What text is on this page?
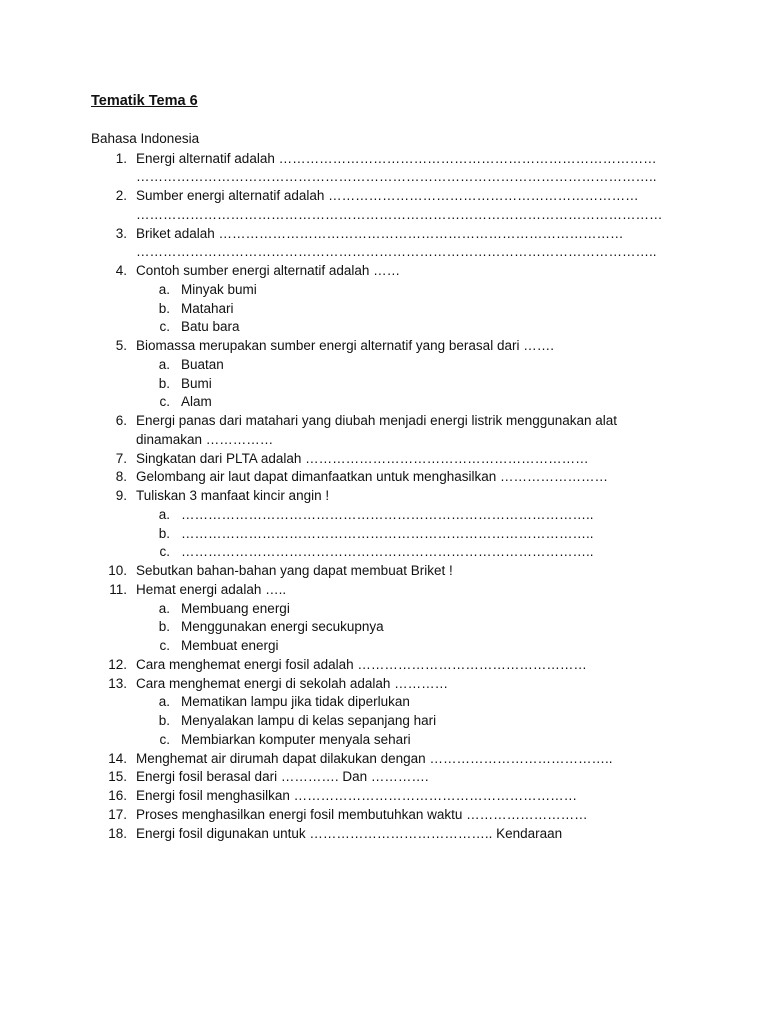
Tematik Tema 6
Bahasa Indonesia
1. Energi alternatif adalah …………………………………………………………………………
……………………………………………………………………………………………………..
2. Sumber energi alternatif adalah ……………………………………………………………
………………………………………………………………………………………………………
3. Briket adalah ………………………………………………………………………………
……………………………………………………………………………………………………..
4. Contoh sumber energi alternatif adalah ……
a. Minyak bumi
b. Matahari
c. Batu bara
5. Biomassa merupakan sumber energi alternatif yang berasal dari …….
a. Buatan
b. Bumi
c. Alam
6. Energi panas dari matahari yang diubah menjadi energi listrik menggunakan alat
dinamakan ……………
7. Singkatan dari PLTA adalah ………………………………………………………
8. Gelombang air laut dapat dimanfaatkan untuk menghasilkan ……………………
9. Tuliskan 3 manfaat kincir angin !
a. ………………………………………………………………………………..
b. ………………………………………………………………………………..
c. ………………………………………………………………………………..
10. Sebutkan bahan-bahan yang dapat membuat Briket !
11. Hemat energi adalah …..
a. Membuang energi
b. Menggunakan energi secukupnya
c. Membuat energi
12. Cara menghemat energi fosil adalah ……………………………………………
13. Cara menghemat energi di sekolah adalah …………
a. Mematikan lampu jika tidak diperlukan
b. Menyalakan lampu di kelas sepanjang hari
c. Membiarkan komputer menyala sehari
14. Menghemat air dirumah dapat dilakukan dengan …………………………………..
15. Energi fosil berasal dari …………. Dan ………….
16. Energi fosil menghasilkan ………………………………………………………
17. Proses menghasilkan energi fosil membutuhkan waktu ………………………
18. Energi fosil digunakan untuk ………………………………….. Kendaraan
